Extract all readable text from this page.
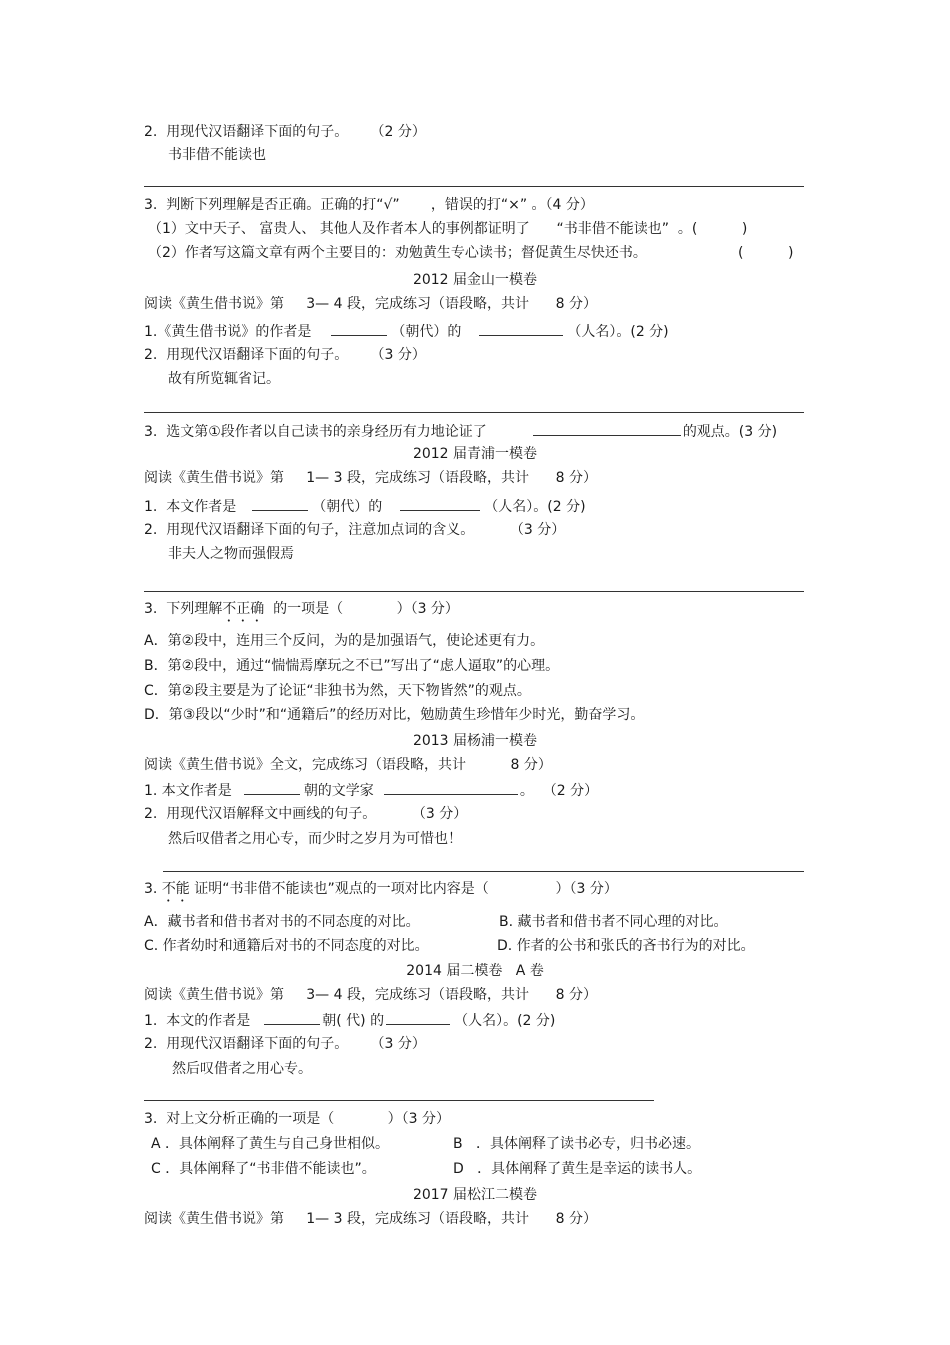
2.  用现代汉语翻译下面的句子。     （2 分）
书非借不能读也
3.  判断下列理解是否正确。正确的打“√”       ，错误的打“×” 。（4 分）
（1）文中天子、 富贵人、 其他人及作者本人的事例都证明了      “书非借不能读也”  。(          )
（2）作者写这篇文章有两个主要目的：劝勉黄生专心读书；督促黄生尽快还书。	(          )
2012 届金山一模卷
阅读《黄生借书说》第     3— 4 段，完成练习（语段略，共计      8 分）
1.《黄生借书说》的作者是	（朝代）的	（人名）。(2 分)
2.  用现代汉语翻译下面的句子。     （3 分）
故有所览辄省记。
3.  选文第①段作者以自己读书的亲身经历有力地论证了	的观点。(3 分)
2012 届青浦一模卷
阅读《黄生借书说》第     1— 3 段，完成练习（语段略，共计      8 分）
1.  本文作者是	（朝代）的	（人名）。(2 分)
2.  用现代汉语翻译下面的句子，注意加点词的含义。        （3 分）
非夫人之物而强假焉
3.  下列理解不正确  的一项是（            ）（3 分）
A．第②段中，连用三个反问，为的是加强语气，使论述更有力。
B．第②段中，通过“惴惴焉摩玩之不已”写出了“虑人逼取”的心理。
C．第②段主要是为了论证“非独书为然，天下物皆然”的观点。
D．第③段以“少时”和“通籍后”的经历对比，勉励黄生珍惜年少时光，勤奋学习。
2013 届杨浦一模卷
阅读《黄生借书说》全文，完成练习（语段略，共计          8 分）
1. 本文作者是	朝的文学家	。  （2 分）
2.  用现代汉语解释文中画线的句子。        （3 分）
然后叹借者之用心专，而少时之岁月为可惜也！
3. 不能 证明“书非借不能读也”观点的一项对比内容是（               ）（3 分）
A．藏书者和借书者对书的不同态度的对比。	B. 藏书者和借书者不同心理的对比。
C. 作者幼时和通籍后对书的不同态度的对比。	D. 作者的公书和张氏的吝书行为的对比。
2014 届二模卷   A 卷
阅读《黄生借书说》第     3— 4 段，完成练习（语段略，共计      8 分）
1.  本文的作者是	朝( 代) 的	（人名）。(2 分)
2.  用现代汉语翻译下面的句子。     （3 分）
然后叹借者之用心专。
3.  对上文分析正确的一项是（            ）（3 分）
A ．具体阐释了黄生与自己身世相似。	B   ．具体阐释了读书必专，归书必速。
C ．具体阐释了“书非借不能读也”。	D   ．具体阐释了黄生是幸运的读书人。
2017 届松江二模卷
阅读《黄生借书说》第     1— 3 段，完成练习（语段略，共计      8 分）
